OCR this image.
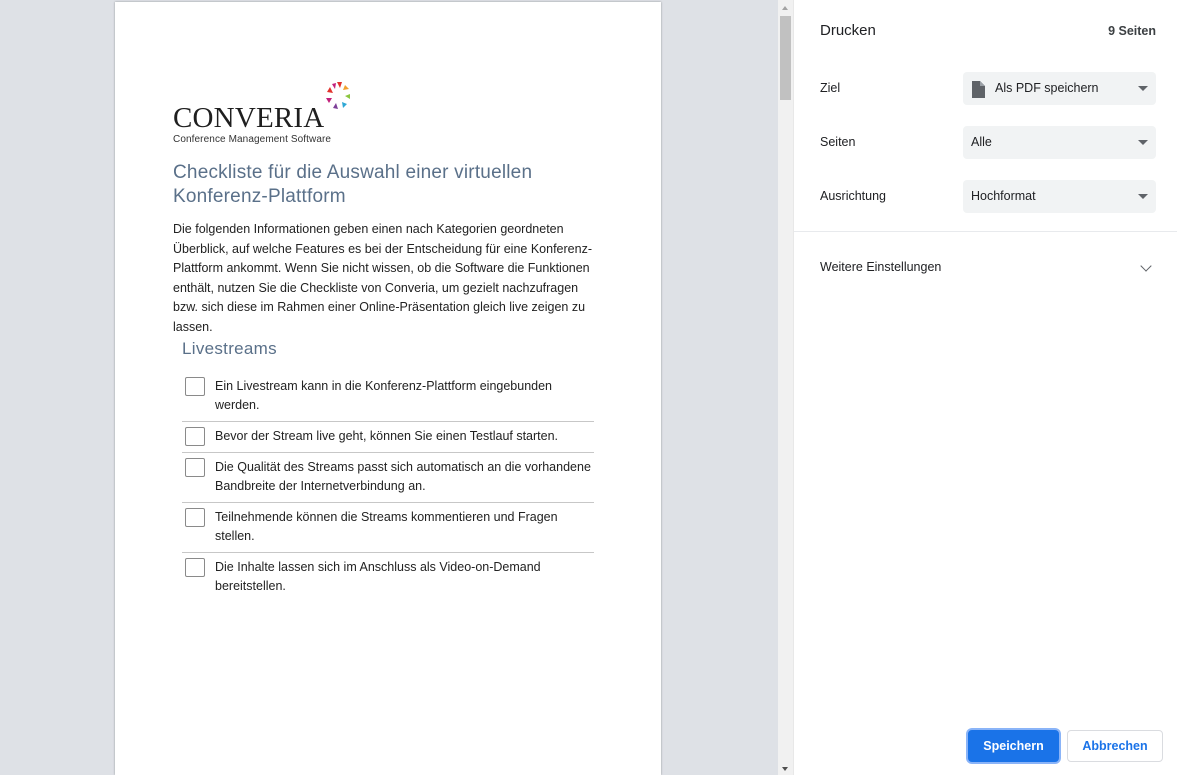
CONVERIA
Conference Management Software
Checkliste für die Auswahl einer virtuellen Konferenz-Plattform
Die folgenden Informationen geben einen nach Kategorien geordneten Überblick, auf welche Features es bei der Entscheidung für eine Konferenz-Plattform ankommt. Wenn Sie nicht wissen, ob die Software die Funktionen enthält, nutzen Sie die Checkliste von Converia, um gezielt nachzufragen bzw. sich diese im Rahmen einer Online-Präsentation gleich live zeigen zu lassen.
Livestreams
Ein Livestream kann in die Konferenz-Plattform eingebunden werden.
Bevor der Stream live geht, können Sie einen Testlauf starten.
Die Qualität des Streams passt sich automatisch an die vorhandene Bandbreite der Internetverbindung an.
Teilnehmende können die Streams kommentieren und Fragen stellen.
Die Inhalte lassen sich im Anschluss als Video-on-Demand bereitstellen.
Drucken	9 Seiten
Ziel	Als PDF speichern
Seiten	Alle
Ausrichtung	Hochformat
Weitere Einstellungen
Speichern	Abbrechen
